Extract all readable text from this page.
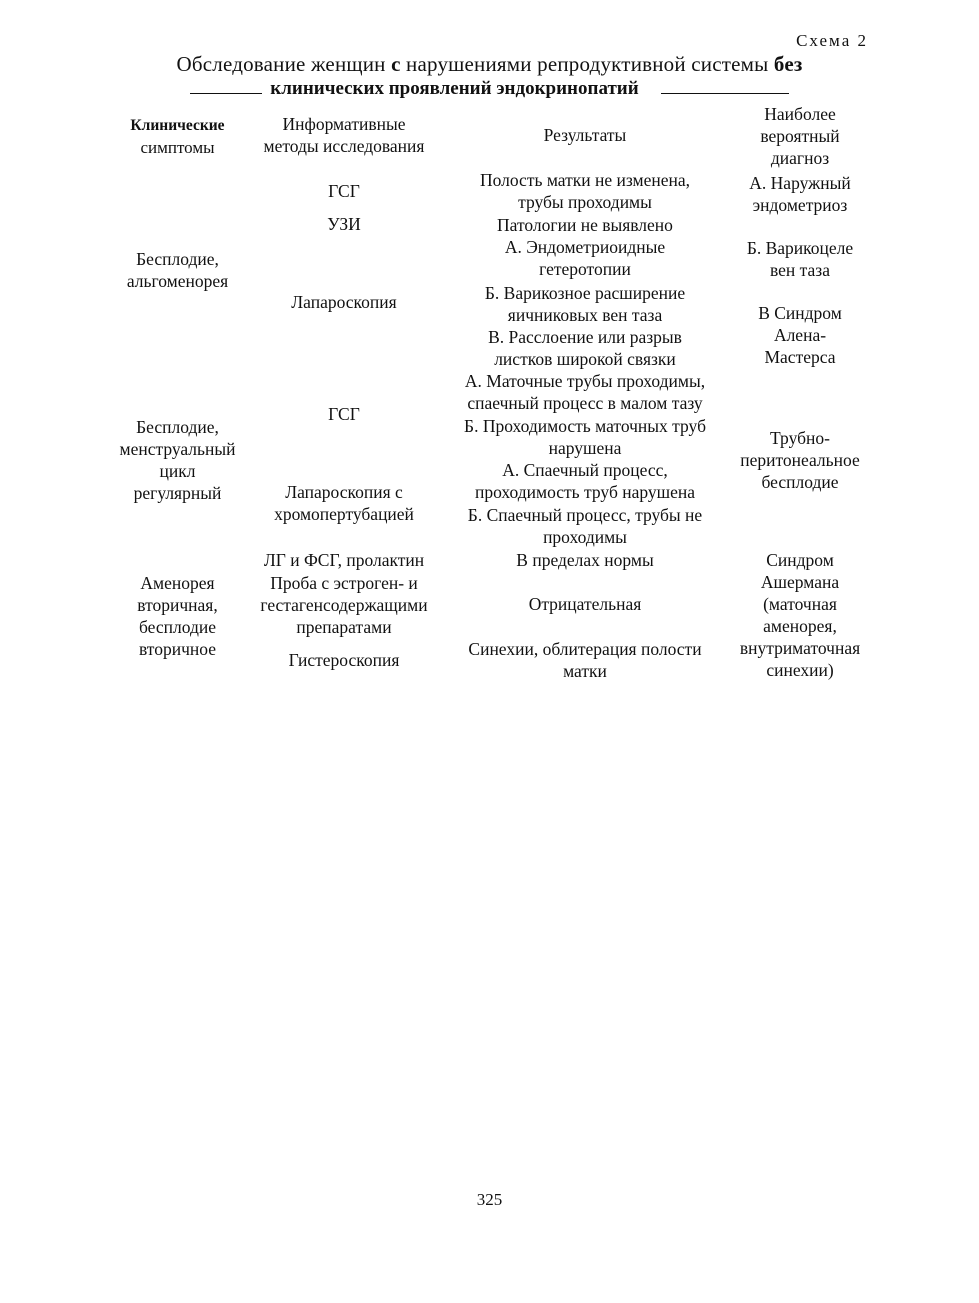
Схема 2
Обследование женщин с нарушениями репродуктивной системы без
клинических проявлений эндокринопатий
Клинические
симптомы
Информативные
методы исследования
Результаты
Наиболее
вероятный
диагноз
Бесплодие,
альгоменорея
ГСГ
УЗИ
Лапароскопия
Полость матки не изменена,
трубы проходимы
Патологии не выявлено
А. Эндометриоидные
гетеротопии
Б. Варикозное расширение
яичниковых вен таза
В. Расслоение или разрыв
листков широкой связки
А. Наружный
эндометриоз
Б. Варикоцеле
вен таза
В Синдром
Алена-
Мастерса
Бесплодие,
менструальный
цикл
регулярный
ГСГ
Лапароскопия с
хромопертубацией
А. Маточные трубы проходимы,
спаечный процесс в малом тазу
Б. Проходимость маточных труб
нарушена
А. Спаечный процесс,
проходимость труб нарушена
Б. Спаечный процесс, трубы не
проходимы
Трубно-
перитонеальное
бесплодие
Аменорея
вторичная,
бесплодие
вторичное
ЛГ и ФСГ, пролактин
Проба с эстроген- и
гестагенсодержащими
препаратами
Гистероскопия
В пределах нормы
Отрицательная
Синехии, облитерация полости
матки
Синдром
Ашермана
(маточная
аменорея,
внутриматочная
синехии)
325
